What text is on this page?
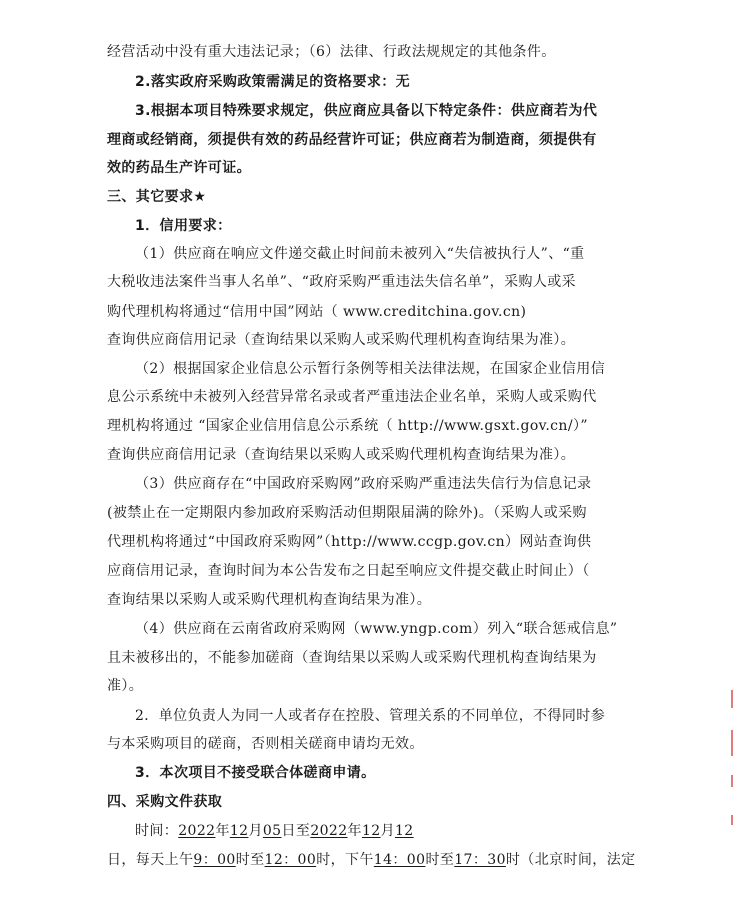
经营活动中没有重大违法记录；（6）法律、行政法规规定的其他条件。
2.落实政府采购政策需满足的资格要求：无
3.根据本项目特殊要求规定，供应商应具备以下特定条件：供应商若为代
理商或经销商，须提供有效的药品经营许可证；供应商若为制造商，须提供有
效的药品生产许可证。
三、其它要求★
1．信用要求：
（1）供应商在响应文件递交截止时间前未被列入“失信被执行人”、“重
大税收违法案件当事人名单”、“政府采购严重违法失信名单”，采购人或采
购代理机构将通过“信用中国”网站（ www.creditchina.gov.cn)
查询供应商信用记录（查询结果以采购人或采购代理机构查询结果为准）。
（2）根据国家企业信息公示暂行条例等相关法律法规，在国家企业信用信
息公示系统中未被列入经营异常名录或者严重违法企业名单，采购人或采购代
理机构将通过 “国家企业信用信息公示系统（ http://www.gsxt.gov.cn/）”
查询供应商信用记录（查询结果以采购人或采购代理机构查询结果为准）。
（3）供应商存在“中国政府采购网”政府采购严重违法失信行为信息记录
(被禁止在一定期限内参加政府采购活动但期限届满的除外)。（采购人或采购
代理机构将通过“中国政府采购网”（http://www.ccgp.gov.cn）网站查询供
应商信用记录，查询时间为本公告发布之日起至响应文件提交截止时间止）（
查询结果以采购人或采购代理机构查询结果为准）。
（4）供应商在云南省政府采购网（www.yngp.com）列入“联合惩戒信息”
且未被移出的，不能参加磋商（查询结果以采购人或采购代理机构查询结果为
准）。
2．单位负责人为同一人或者存在控股、管理关系的不同单位，不得同时参
与本采购项目的磋商，否则相关磋商申请均无效。
3．本次项目不接受联合体磋商申请。
四、采购文件获取
时间：2022年12月05日至2022年12月12
日，每天上午9：00时至12：00时，下午14：00时至17：30时（北京时间，法定
